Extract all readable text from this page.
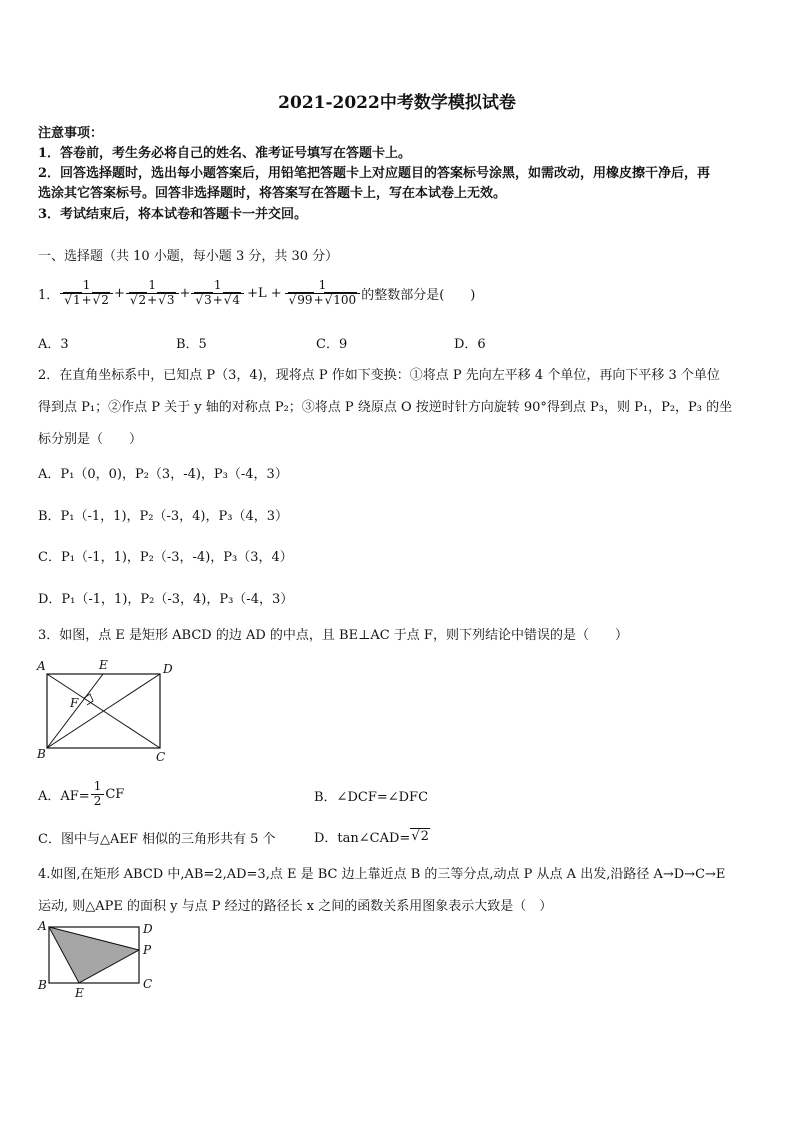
2021-2022中考数学模拟试卷
注意事项：
1．答卷前，考生务必将自己的姓名、准考证号填写在答题卡上。
2．回答选择题时，选出每小题答案后，用铅笔把答题卡上对应题目的答案标号涂黑，如需改动，用橡皮擦干净后，再
选涂其它答案标号。回答非选择题时，将答案写在答题卡上，写在本试卷上无效。
3．考试结束后，将本试卷和答题卡一并交回。
一、选择题（共 10 小题，每小题 3 分，共 30 分）
1． 1
√ 1+ √ 2 + 1
√ 2+ √ 3 + 1
√ 3+ √ 4 +L + 1
√ 99+ √ 100 的整数部分是(　　)
A．3	B．5	C．9	D．6
2．在直角坐标系中，已知点 P（3，4)，现将点 P 作如下变换：①将点 P 先向左平移 4 个单位，再向下平移 3 个单位
得到点 P₁；②作点 P 关于 y 轴的对称点 P₂；③将点 P 绕原点 O 按逆时针方向旋转 90°得到点 P₃，则 P₁，P₂，P₃ 的坐
标分别是（　　）
A．P₁（0，0)，P₂（3，-4)，P₃（-4，3）
B．P₁（-1，1)，P₂（-3，4)，P₃（4，3）
C．P₁（-1，1)，P₂（-3，-4)，P₃（3，4）
D．P₁（-1，1)，P₂（-3，4)，P₃（-4，3）
3．如图，点 E 是矩形 ABCD 的边 AD 的中点，且 BE⊥AC 于点 F，则下列结论中错误的是（　　）
A	E	D
F
B	C
A．$AF= \frac{1}{2}$ CF	B．∠DCF=∠DFC
C．图中与△AEF 相似的三角形共有 5 个	D．tan∠CAD= √ 2
4.如图,在矩形 ABCD 中,AB=2,AD=3,点 E 是 BC 边上靠近点 B 的三等分点,动点 P 从点 A 出发,沿路径 A→D→C→E
运动, 则△APE 的面积 y 与点 P 经过的路径长 x 之间的函数关系用图象表示大致是（　）
A	D
P
B
E
C
